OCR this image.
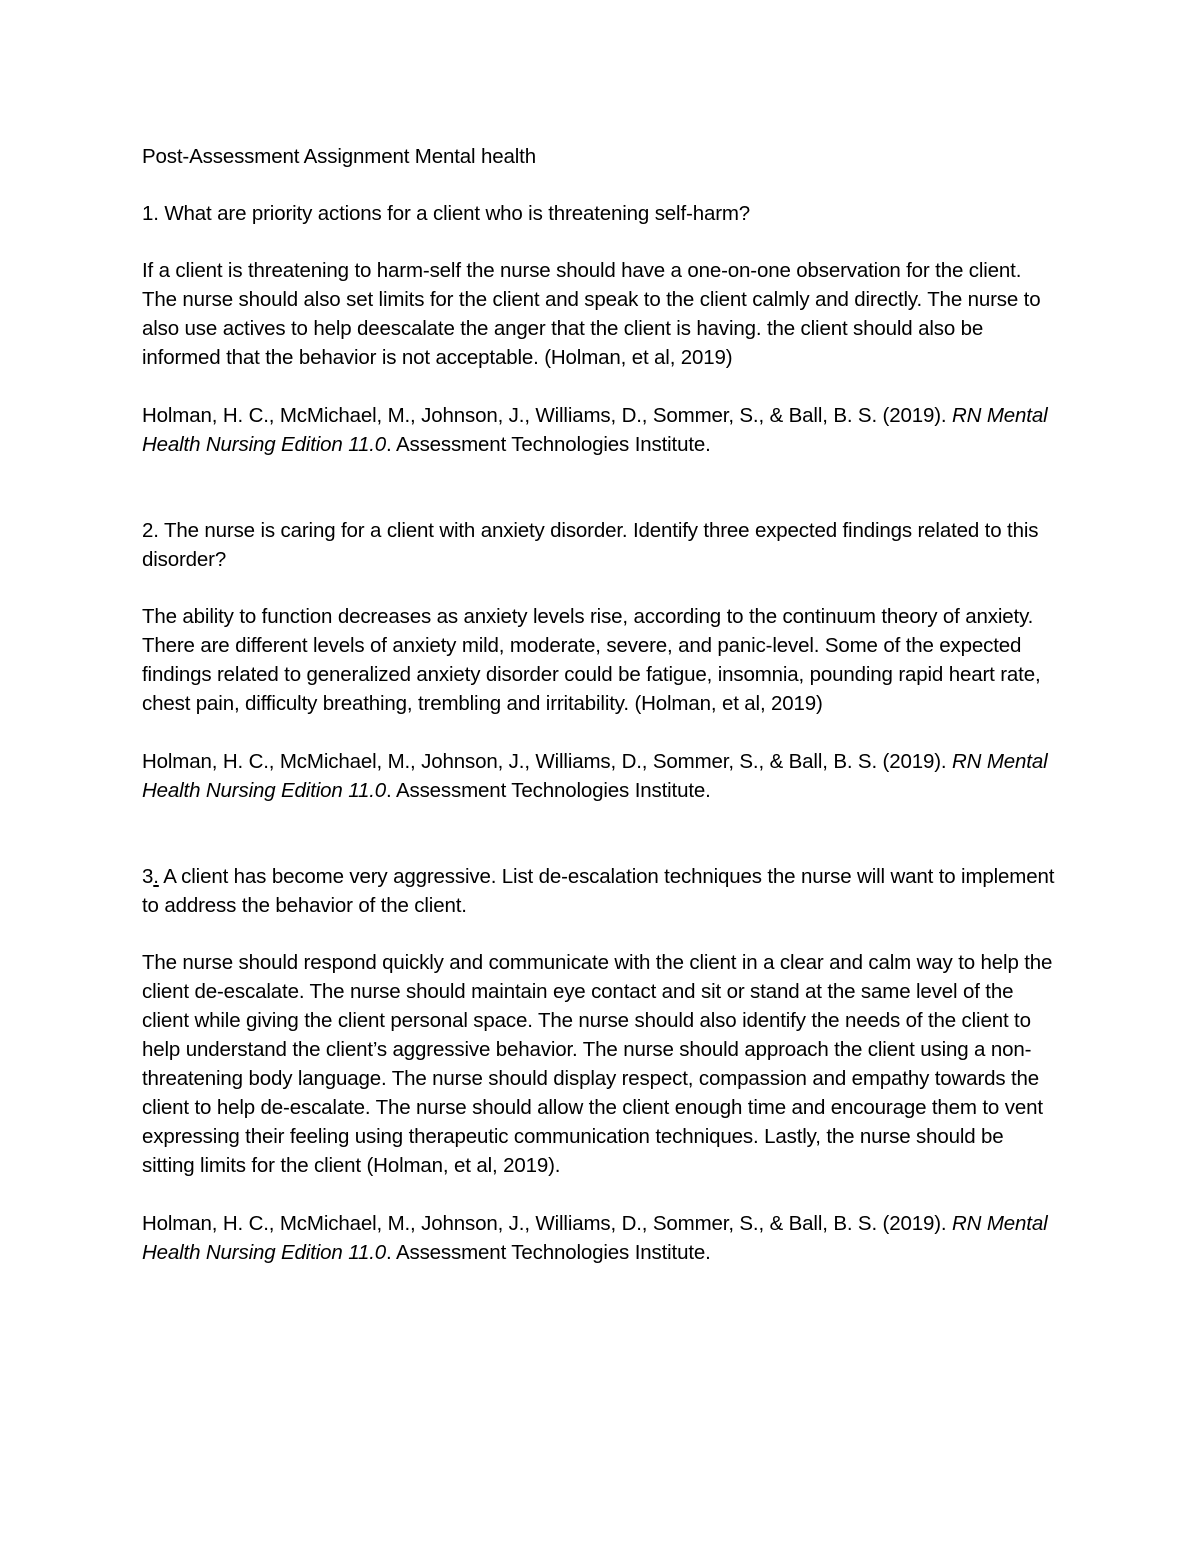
Post-Assessment Assignment Mental health

1. What are priority actions for a client who is threatening self-harm?

If a client is threatening to harm-self the nurse should have a one-on-one observation for the client. The nurse should also set limits for the client and speak to the client calmly and directly. The nurse to also use actives to help deescalate the anger that the client is having. the client should also be informed that the behavior is not acceptable. (Holman, et al, 2019)

Holman, H. C., McMichael, M., Johnson, J., Williams, D., Sommer, S., & Ball, B. S. (2019). RN Mental Health Nursing Edition 11.0. Assessment Technologies Institute.

2. The nurse is caring for a client with anxiety disorder. Identify three expected findings related to this disorder?

The ability to function decreases as anxiety levels rise, according to the continuum theory of anxiety. There are different levels of anxiety mild, moderate, severe, and panic-level. Some of the expected findings related to generalized anxiety disorder could be fatigue, insomnia, pounding rapid heart rate, chest pain, difficulty breathing, trembling and irritability. (Holman, et al, 2019)

Holman, H. C., McMichael, M., Johnson, J., Williams, D., Sommer, S., & Ball, B. S. (2019). RN Mental Health Nursing Edition 11.0. Assessment Technologies Institute.

3. A client has become very aggressive. List de-escalation techniques the nurse will want to implement to address the behavior of the client.

The nurse should respond quickly and communicate with the client in a clear and calm way to help the client de-escalate. The nurse should maintain eye contact and sit or stand at the same level of the client while giving the client personal space. The nurse should also identify the needs of the client to help understand the client’s aggressive behavior. The nurse should approach the client using a non-threatening body language. The nurse should display respect, compassion and empathy towards the client to help de-escalate. The nurse should allow the client enough time and encourage them to vent expressing their feeling using therapeutic communication techniques. Lastly, the nurse should be sitting limits for the client (Holman, et al, 2019).

Holman, H. C., McMichael, M., Johnson, J., Williams, D., Sommer, S., & Ball, B. S. (2019). RN Mental Health Nursing Edition 11.0. Assessment Technologies Institute.
